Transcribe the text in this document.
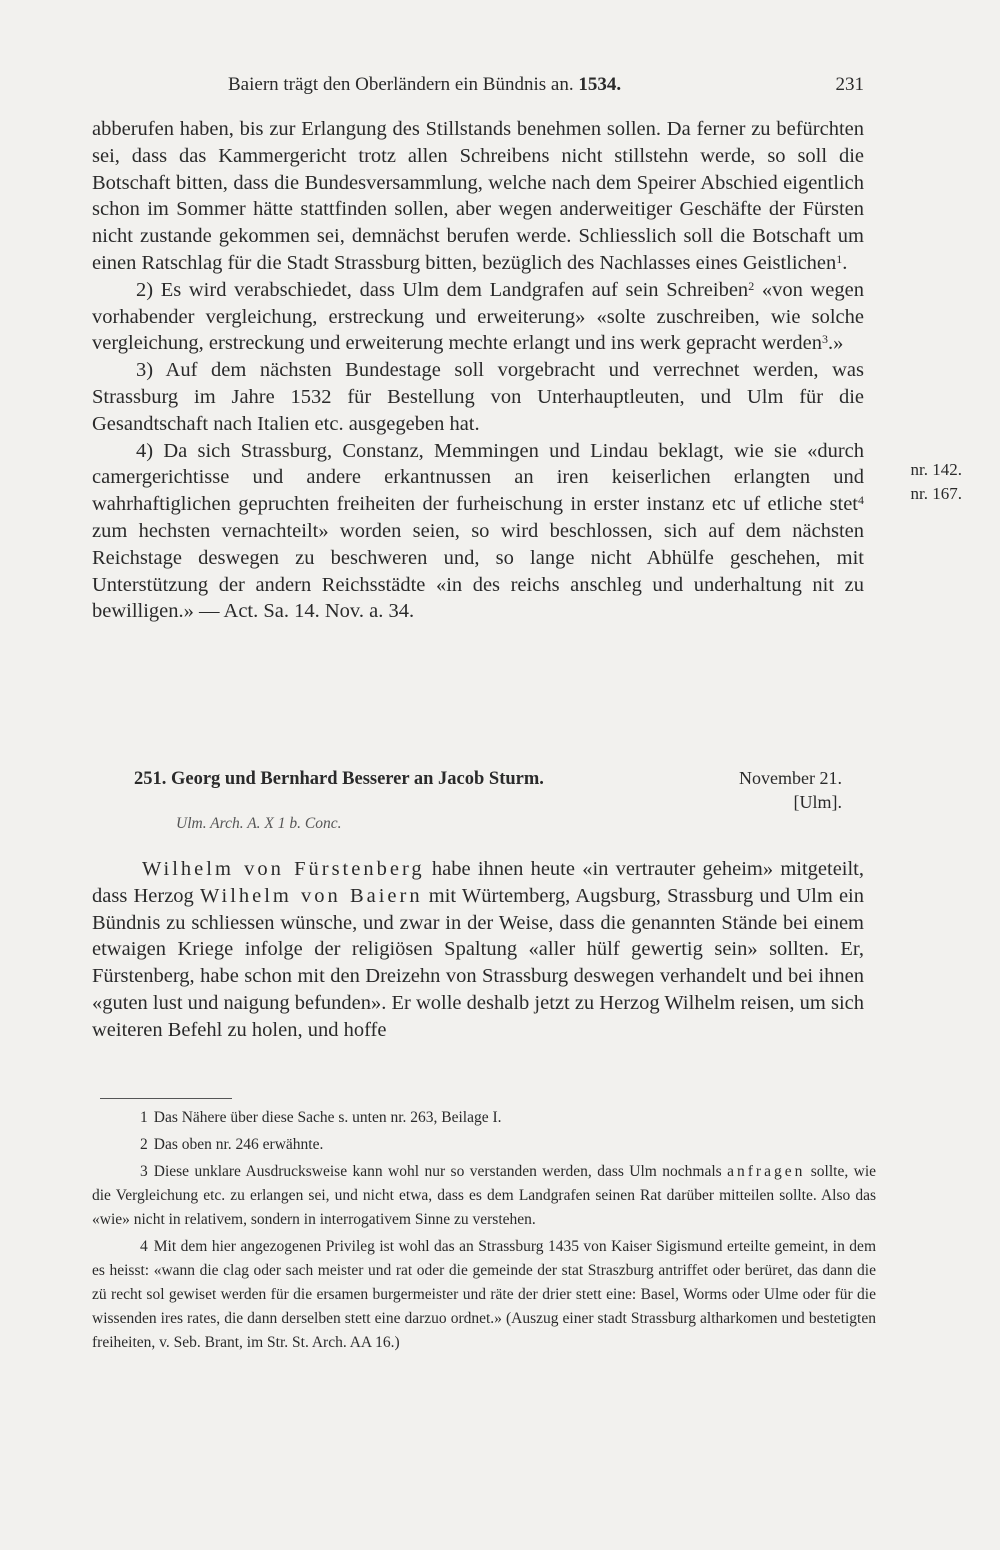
Baiern trägt den Oberländern ein Bündnis an. 1534.	231

abberufen haben, bis zur Erlangung des Stillstands benehmen sollen. Da ferner zu befürchten sei, dass das Kammergericht trotz allen Schreibens nicht stillstehn werde, so soll die Botschaft bitten, dass die Bundesversammlung, welche nach dem Speirer Abschied eigentlich schon im Sommer hätte stattfinden sollen, aber wegen anderweitiger Geschäfte der Fürsten nicht zustande gekommen sei, demnächst berufen werde. Schliesslich soll die Botschaft um einen Ratschlag für die Stadt Strassburg bitten, bezüglich des Nachlasses eines Geistlichen$^1$.

2) Es wird verabschiedet, dass Ulm dem Landgrafen auf sein Schreiben$^2$ «von wegen vorhabender vergleichung, erstreckung und erweiterung» «solte zuschreiben, wie solche vergleichung, erstreckung und erweiterung mechte erlangt und ins werk gepracht werden$^3$.»

3) Auf dem nächsten Bundestage soll vorgebracht und verrechnet werden, was Strassburg im Jahre 1532 für Bestellung von Unterhauptleuten, und Ulm für die Gesandtschaft nach Italien etc. ausgegeben hat.

4) Da sich Strassburg, Constanz, Memmingen und Lindau beklagt, wie sie «durch camergerichtisse und andere erkantnussen an iren keiserlichen erlangten und wahrhaftiglichen gepruchten freiheiten der furheischung in erster instanz etc uf etliche stet$^4$ zum hechsten vernachteilt» worden seien, so wird beschlossen, sich auf dem nächsten Reichstage deswegen zu beschweren und, so lange nicht Abhülfe geschehen, mit Unterstützung der andern Reichsstädte «in des reichs anschleg und underhaltung nit zu bewilligen.» — Act. Sa. 14. Nov. a. 34.

nr. 142.
nr. 167.
251. Georg und Bernhard Besserer an Jacob Sturm.	November 21.
[Ulm].
Ulm. Arch. A. X 1 b. Conc.

Wilhelm von Fürstenberg habe ihnen heute «in vertrauter geheim» mitgeteilt, dass Herzog Wilhelm von Baiern mit Würtemberg, Augsburg, Strassburg und Ulm ein Bündnis zu schliessen wünsche, und zwar in der Weise, dass die genannten Stände bei einem etwaigen Kriege infolge der religiösen Spaltung «aller hülf gewertig sein» sollten. Er, Fürstenberg, habe schon mit den Dreizehn von Strassburg deswegen verhandelt und bei ihnen «guten lust und naigung befunden». Er wolle deshalb jetzt zu Herzog Wilhelm reisen, um sich weiteren Befehl zu holen, und hoffe

1 Das Nähere über diese Sache s. unten nr. 263, Beilage I.

2 Das oben nr. 246 erwähnte.

3 Diese unklare Ausdrucksweise kann wohl nur so verstanden werden, dass Ulm nochmals anfragen sollte, wie die Vergleichung etc. zu erlangen sei, und nicht etwa, dass es dem Landgrafen seinen Rat darüber mitteilen sollte. Also das «wie» nicht in relativem, sondern in interrogativem Sinne zu verstehen.

4 Mit dem hier angezogenen Privileg ist wohl das an Strassburg 1435 von Kaiser Sigismund erteilte gemeint, in dem es heisst: «wann die clag oder sach meister und rat oder die gemeinde der stat Straszburg antriffet oder berüret, das dann die zü recht sol gewiset werden für die ersamen burgermeister und räte der drier stett eine: Basel, Worms oder Ulme oder für die wissenden ires rates, die dann derselben stett eine darzuo ordnet.» (Auszug einer stadt Strassburg altharkomen und bestetigten freiheiten, v. Seb. Brant, im Str. St. Arch. AA 16.)
